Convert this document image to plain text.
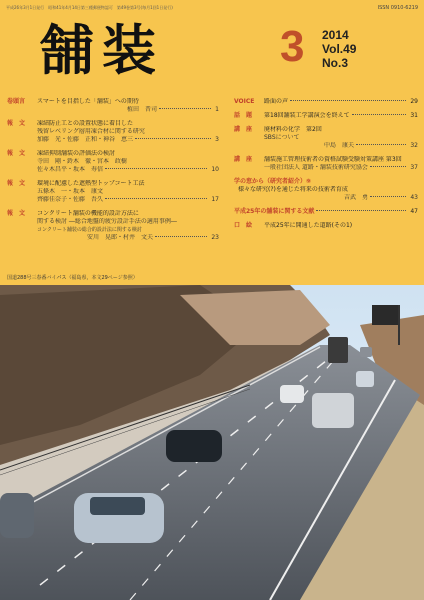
平成26年3月1日発行　昭和41年4月14日第三種郵便物認可　第49巻第3号(毎月1回1日発行)	ISSN 0910-6219
舗装	3 2014
Vol.49
No.3
卷頭言	スマートを目指した「舗装」への期待
植田　晋司	1
報　文	凍結防止工との設置状態に着目した
残留レベリング層用凍合材に関する研究
加藤　光・佐藤　正和・神谷　恵三	3
報　文	凍結抑制舗装の評価法の検討
寺田　剛・鈴木　徹・宮本　政樹
佐々木昌平・坂本　寿信	10
報　文	環境に配慮した遮熱型トップコート工法
五條木　一・坂本　康文
齊藤佳奈子・佐藤　吾久	17
報　文	コンクリート舗装の機能的設計方法に
関する検討 ―総合地盤的疲労設計手法の適用事例―
コンクリート舗装の総合的設計法に関する検討
安川　晃郎・村井　文夫	23
VOICE	路面の声	29
話　題	第18回舗装工学講演会を終えて	31
講　座	廃材料の化学　第2回
SBSについて
中島　康夫	32
講　座	舗装施工管理技術者の資格試験受験対策講座 第3回
一般社団法人 道路・舗装技術研究協会	37
学の窓から（研究者紹介）⑨
様々な研究(?)を通じた将来の技術者育成
吉武　勇	43
平成25年の舗装に関する文献	47
口　絵	平成25年に開通した道路(その1)
国道288号三春番バイパス（福島県，本文29ページ参照）
